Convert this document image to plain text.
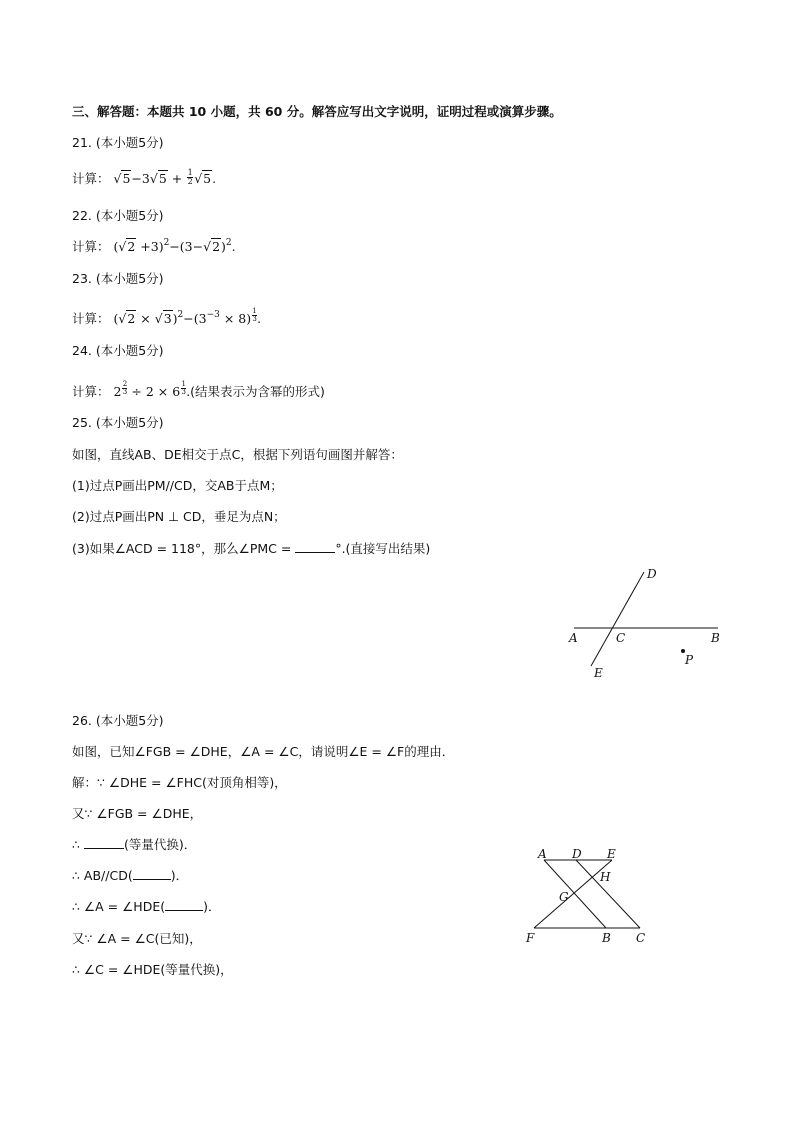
三、解答题：本题共 10 小题，共 60 分。解答应写出文字说明，证明过程或演算步骤。
21. (本小题5分)
计算： $√5-3√5 + \frac{1}{2} √5$.
22. (本小题5分)
计算： $(√2 +3)^2-(3-√2)^2$.
23. (本小题5分)
计算： $(√2 \times √3)^2-(3^{-3} \times 8) \frac{1}{3}$ .
24. (本小题5分)
计算： $2 \frac{2}{3} \div 2 \times 6 \frac{1}{3}$ .(结果表示为含幂的形式)
25. (本小题5分)
如图，直线AB、DE相交于点C，根据下列语句画图并解答：
(1)过点P画出PM//CD，交AB于点M；
(2)过点P画出PN ⊥ CD，垂足为点N；
(3)如果∠ACD = 118°，那么∠PMC =	°.(直接写出结果)
A	C	B
D
E
P
26. (本小题5分)
如图，已知∠FGB = ∠DHE，∠A = ∠C，请说明∠E = ∠F的理由．
解：∵ ∠DHE = ∠FHC(对顶角相等)，
又∵ ∠FGB = ∠DHE，
∴	(等量代换)．
∴ AB//CD(	)．
∴ ∠A = ∠HDE(	)．
又∵ ∠A = ∠C(已知)，
∴ ∠C = ∠HDE(等量代换)，
A D E
H
G
F	B C
